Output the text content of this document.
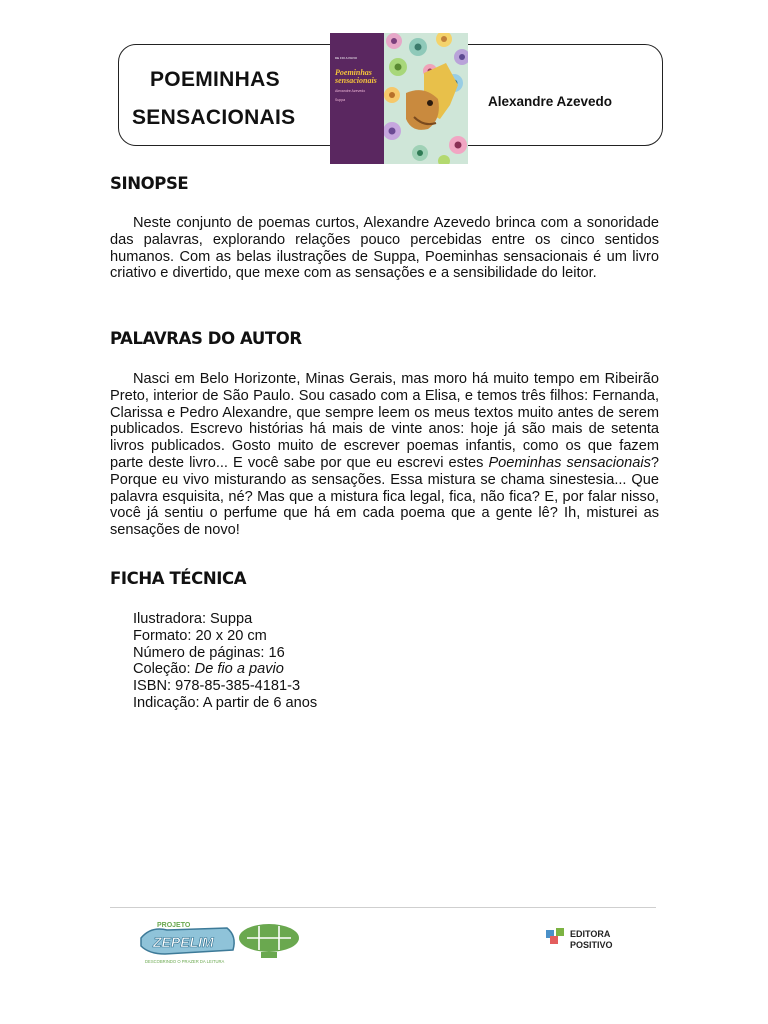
POEMINHAS
SENSACIONAIS
Alexandre Azevedo
DE FIO A PAVIO
Poeminhas sensacionais
Alexandre Azevedo
Suppa
SINOPSE

Neste conjunto de poemas curtos, Alexandre Azevedo brinca com a sonoridade das palavras, explorando relações pouco percebidas entre os cinco sentidos humanos. Com as belas ilustrações de Suppa, Poeminhas sensacionais é um livro criativo e divertido, que mexe com as sensações e a sensibilidade do leitor.

PALAVRAS DO AUTOR

Nasci em Belo Horizonte, Minas Gerais, mas moro há muito tempo em Ribeirão Preto, interior de São Paulo. Sou casado com a Elisa, e temos três filhos: Fernanda, Clarissa e Pedro Alexandre, que sempre leem os meus textos muito antes de serem publicados. Escrevo histórias há mais de vinte anos: hoje já são mais de setenta livros publicados. Gosto muito de escrever poemas infantis, como os que fazem parte deste livro... E você sabe por que eu escrevi estes Poeminhas sensacionais? Porque eu vivo misturando as sensações. Essa mistura se chama sinestesia... Que palavra esquisita, né? Mas que a mistura fica legal, fica, não fica? E, por falar nisso, você já sentiu o perfume que há em cada poema que a gente lê? Ih, misturei as sensações de novo!

FICHA TÉCNICA
Ilustradora: Suppa
Formato: 20 x 20 cm
Número de páginas: 16
Coleção: De fio a pavio
ISBN: 978-85-385-4181-3
Indicação: A partir de 6 anos
PROJETO
ZEPELIM
DESCOBRINDO O PRAZER DA LEITURA
EDITORA
POSITIVO
